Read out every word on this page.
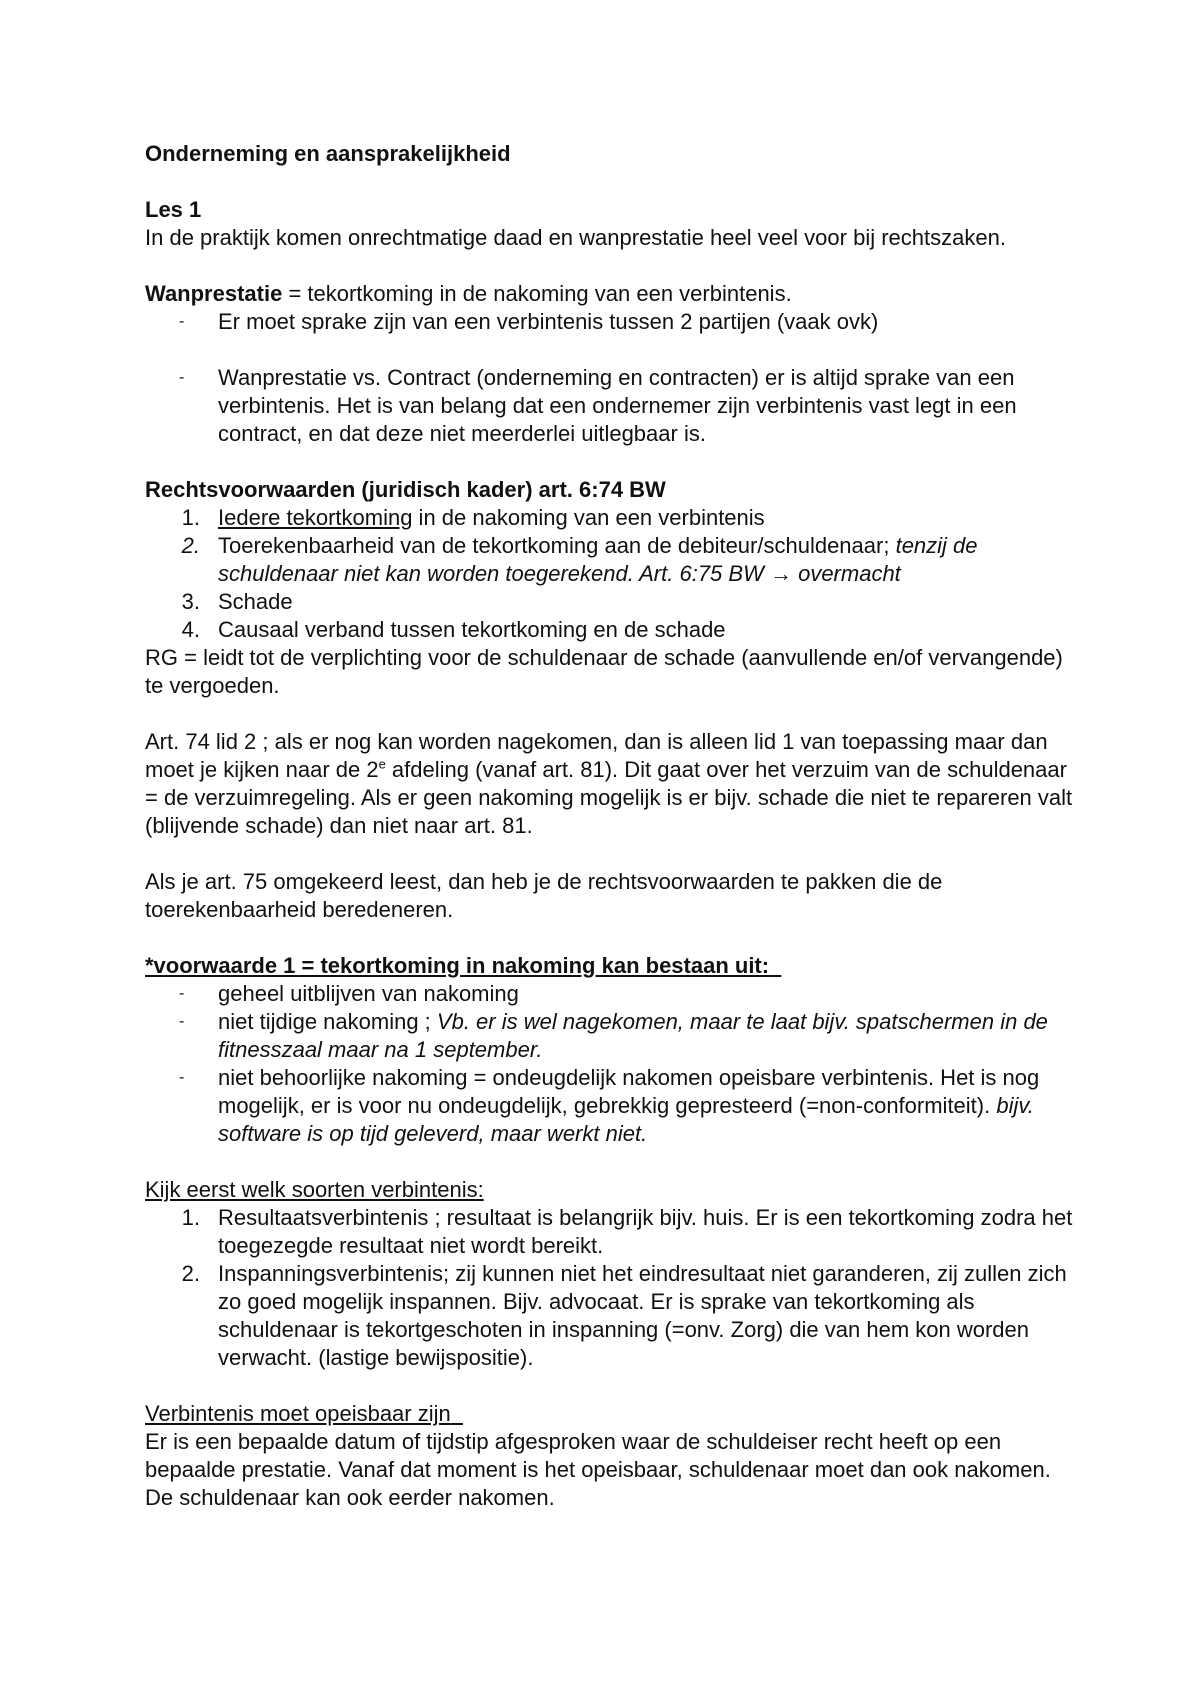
Onderneming en aansprakelijkheid

Les 1

In de praktijk komen onrechtmatige daad en wanprestatie heel veel voor bij rechtszaken.

Wanprestatie = tekortkoming in de nakoming van een verbintenis.

- Er moet sprake zijn van een verbintenis tussen 2 partijen (vaak ovk)
- Wanprestatie vs. Contract (onderneming en contracten) er is altijd sprake van een verbintenis. Het is van belang dat een ondernemer zijn verbintenis vast legt in een contract, en dat deze niet meerderlei uitlegbaar is.

Rechtsvoorwaarden (juridisch kader) art. 6:74 BW

1. Iedere tekortkoming in de nakoming van een verbintenis
2. Toerekenbaarheid van de tekortkoming aan de debiteur/schuldenaar; tenzij de schuldenaar niet kan worden toegerekend. Art. 6:75 BW → overmacht
3. Schade
4. Causaal verband tussen tekortkoming en de schade

RG = leidt tot de verplichting voor de schuldenaar de schade (aanvullende en/of vervangende) te vergoeden.

Art. 74 lid 2 ; als er nog kan worden nagekomen, dan is alleen lid 1 van toepassing maar dan moet je kijken naar de 2e afdeling (vanaf art. 81). Dit gaat over het verzuim van de schuldenaar = de verzuimregeling. Als er geen nakoming mogelijk is er bijv. schade die niet te repareren valt (blijvende schade) dan niet naar art. 81.

Als je art. 75 omgekeerd leest, dan heb je de rechtsvoorwaarden te pakken die de toerekenbaarheid beredeneren.

*voorwaarde 1 = tekortkoming in nakoming kan bestaan uit:

- geheel uitblijven van nakoming
- niet tijdige nakoming ; Vb. er is wel nagekomen, maar te laat bijv. spatschermen in de fitnesszaal maar na 1 september.
- niet behoorlijke nakoming = ondeugdelijk nakomen opeisbare verbintenis. Het is nog mogelijk, er is voor nu ondeugdelijk, gebrekkig gepresteerd (=non-conformiteit). bijv. software is op tijd geleverd, maar werkt niet.

Kijk eerst welk soorten verbintenis:

1. Resultaatsverbintenis ; resultaat is belangrijk bijv. huis. Er is een tekortkoming zodra het toegezegde resultaat niet wordt bereikt.
2. Inspanningsverbintenis; zij kunnen niet het eindresultaat niet garanderen, zij zullen zich zo goed mogelijk inspannen. Bijv. advocaat. Er is sprake van tekortkoming als schuldenaar is tekortgeschoten in inspanning (=onv. Zorg) die van hem kon worden verwacht. (lastige bewijspositie).

Verbintenis moet opeisbaar zijn

Er is een bepaalde datum of tijdstip afgesproken waar de schuldeiser recht heeft op een bepaalde prestatie. Vanaf dat moment is het opeisbaar, schuldenaar moet dan ook nakomen. De schuldenaar kan ook eerder nakomen.
